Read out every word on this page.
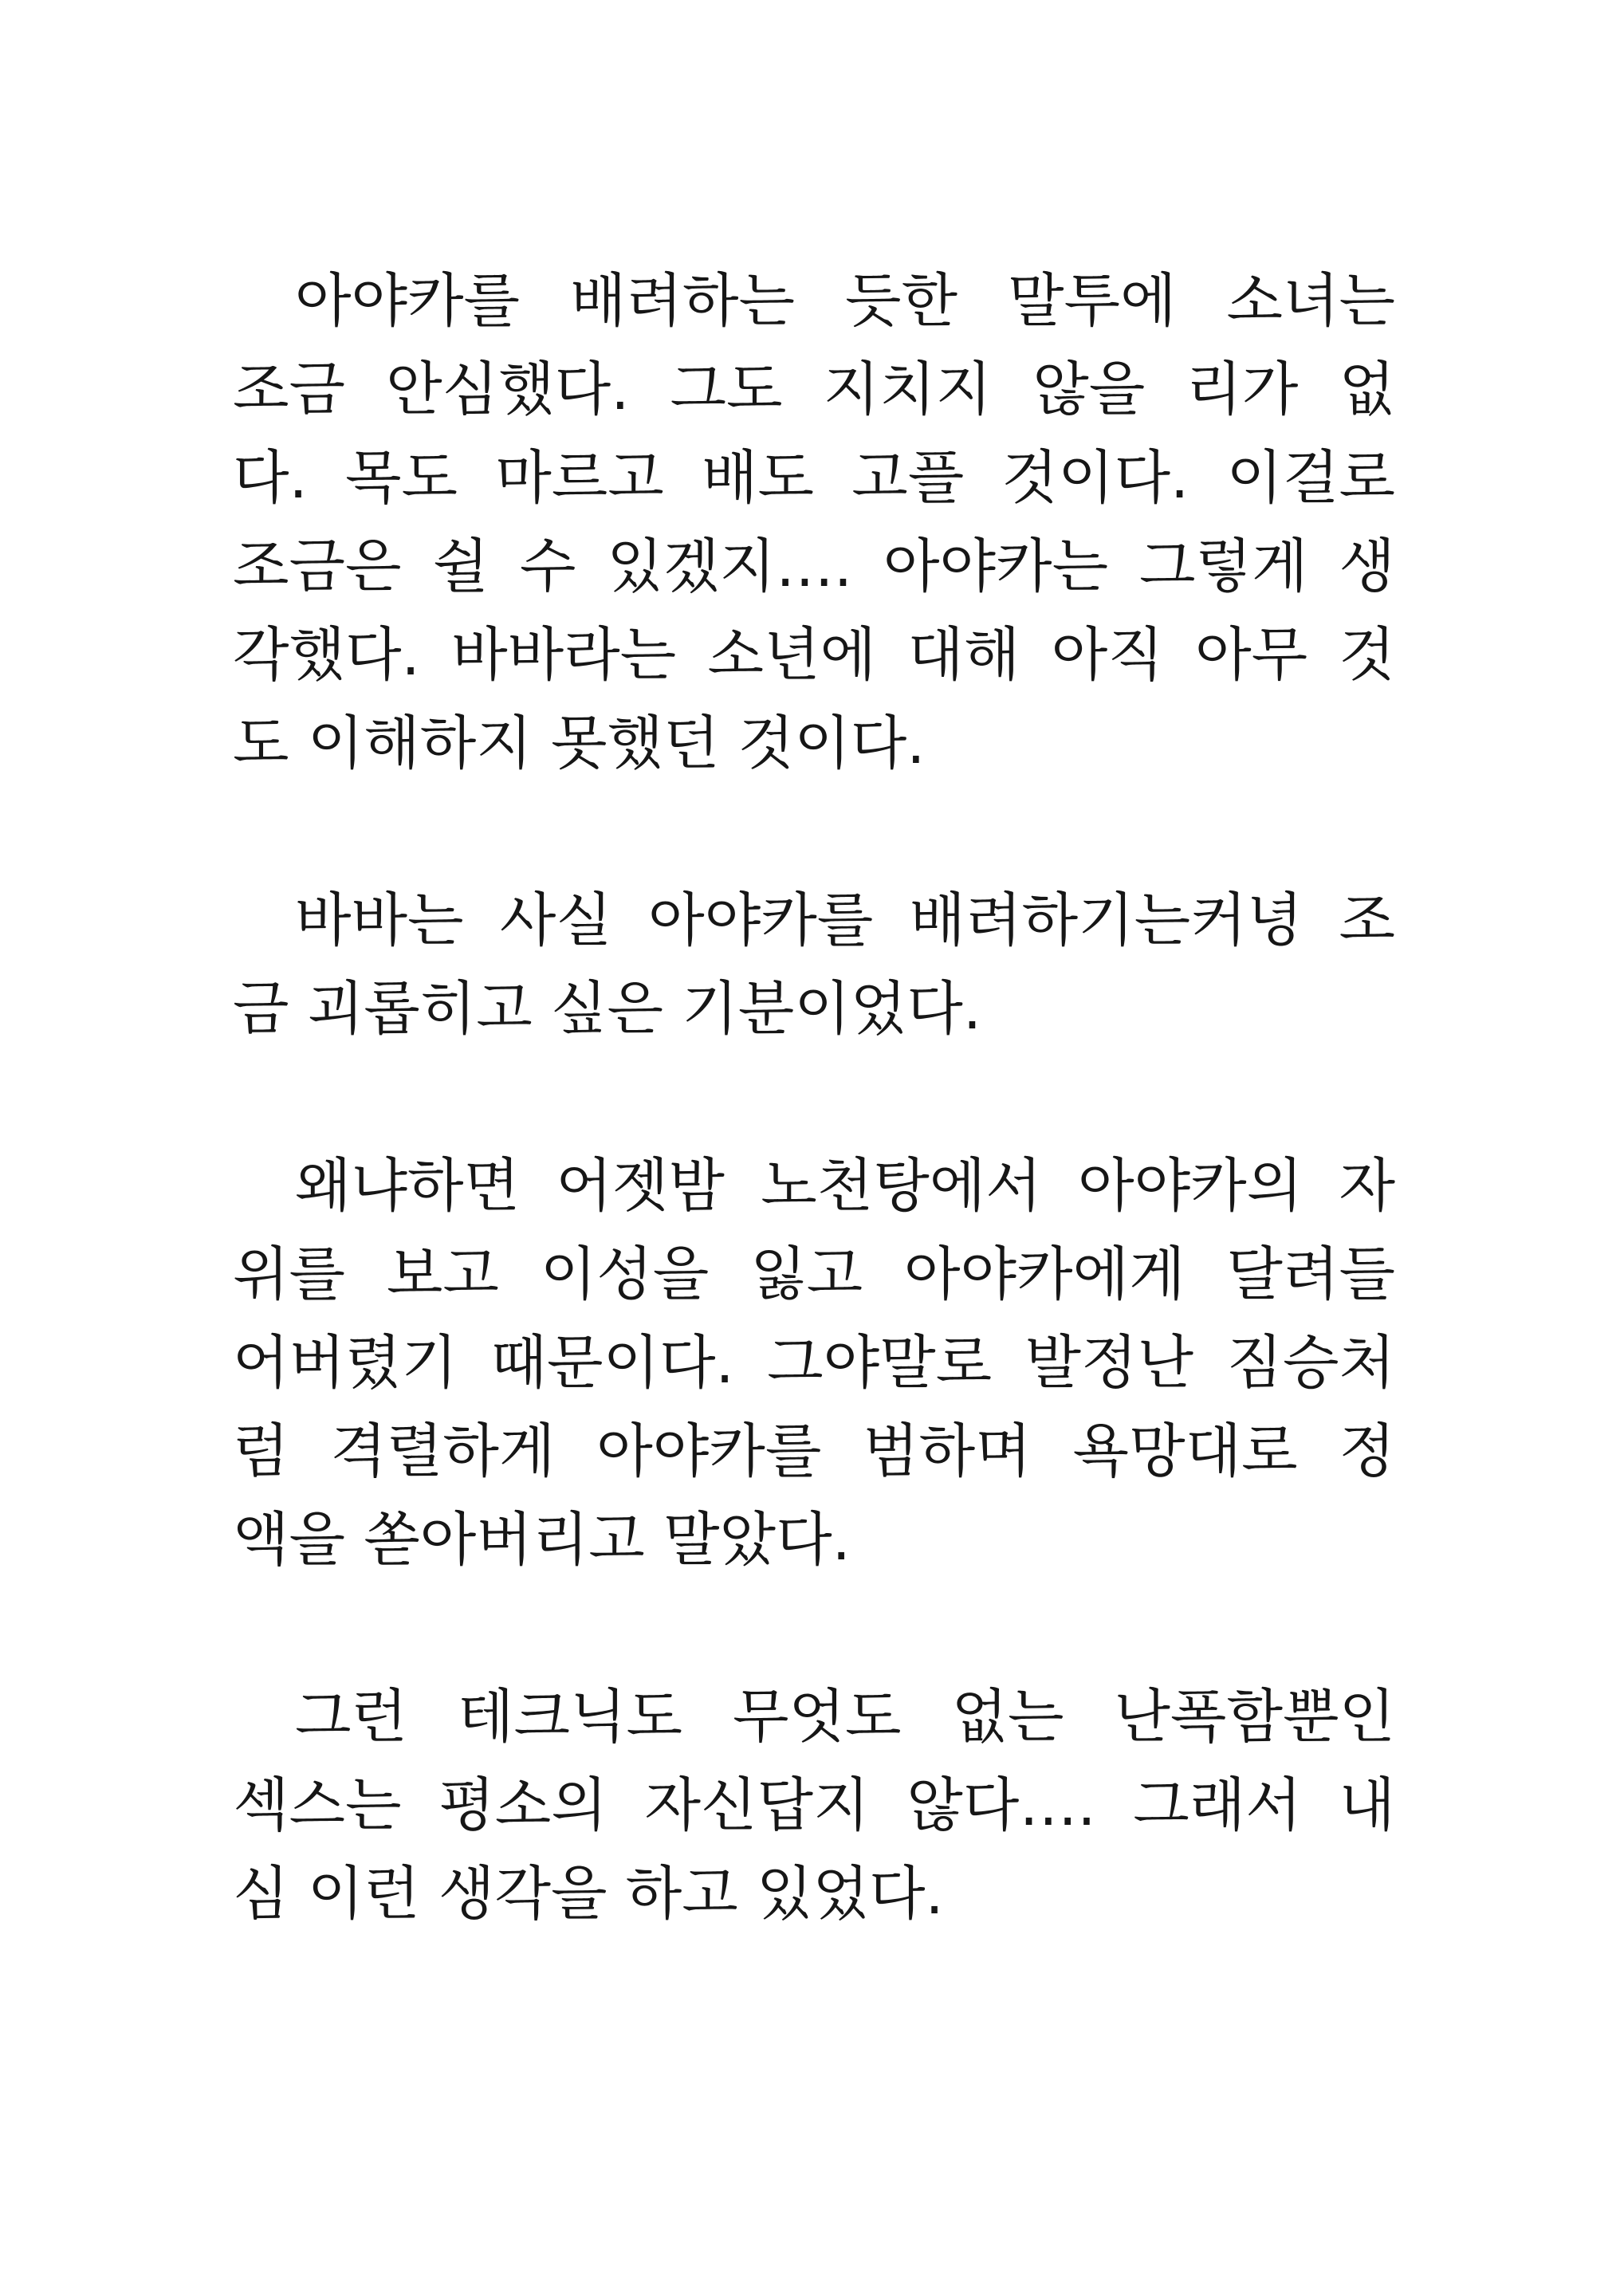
아야카를 배려하는 듯한 말투에 소녀는
조금 안심했다. 그도 지치지 않을 리가 없
다. 목도 마르고 배도 고플 것이다. 이걸로
조금은 쉴 수 있겠지…. 아야카는 그렇게 생
각했다. 바바라는 소년에 대해 아직 아무 것
도 이해하지 못했던 것이다.
바바는 사실 아야카를 배려하기는커녕 조
금 괴롭히고 싶은 기분이었다.
왜냐하면 어젯밤 노천탕에서 아야카의 자
위를 보고 이성을 잃고 아야카에게 달려들
어버렸기 때문이다. 그야말로 발정난 짐승처
럼 격렬하게 아야카를 범하며 욕망대로 정
액을 쏟아버리고 말았다.
그런 테크닉도 무엇도 없는 난폭함뿐인
섹스는 평소의 자신답지 않다…. 그래서 내
심 이런 생각을 하고 있었다.
